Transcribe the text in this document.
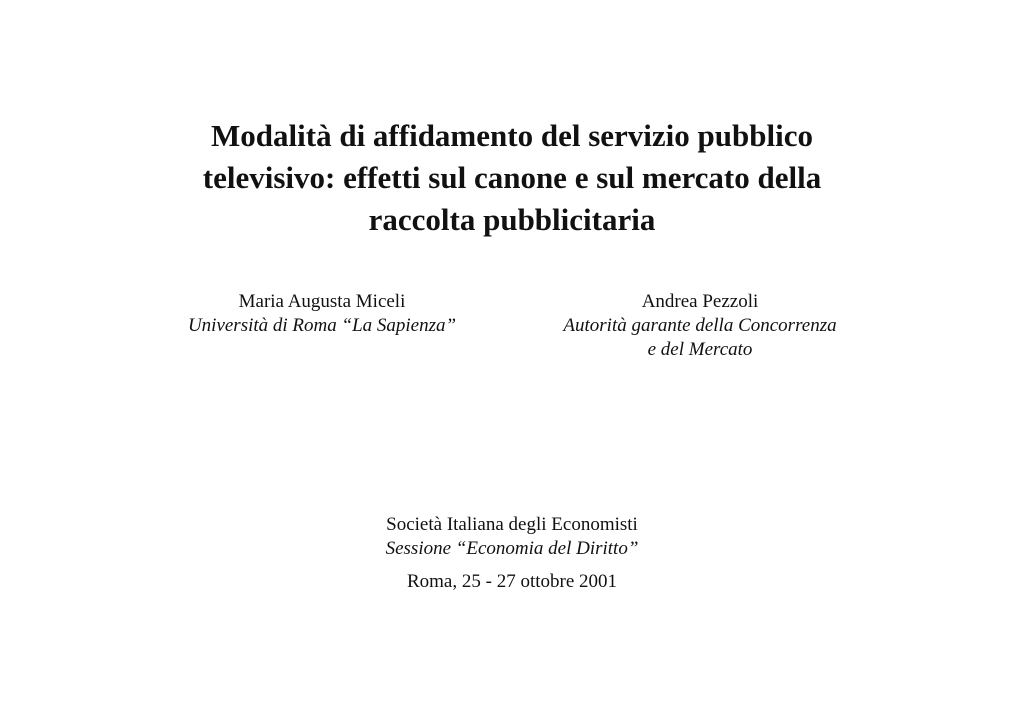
Modalità di affidamento del servizio pubblico
televisivo: effetti sul canone e sul mercato della
raccolta pubblicitaria
Maria Augusta Miceli
Università di Roma “La Sapienza”
Andrea Pezzoli
Autorità garante della Concorrenza
e del Mercato
Società Italiana degli Economisti
Sessione “Economia del Diritto”
Roma, 25 - 27 ottobre 2001
